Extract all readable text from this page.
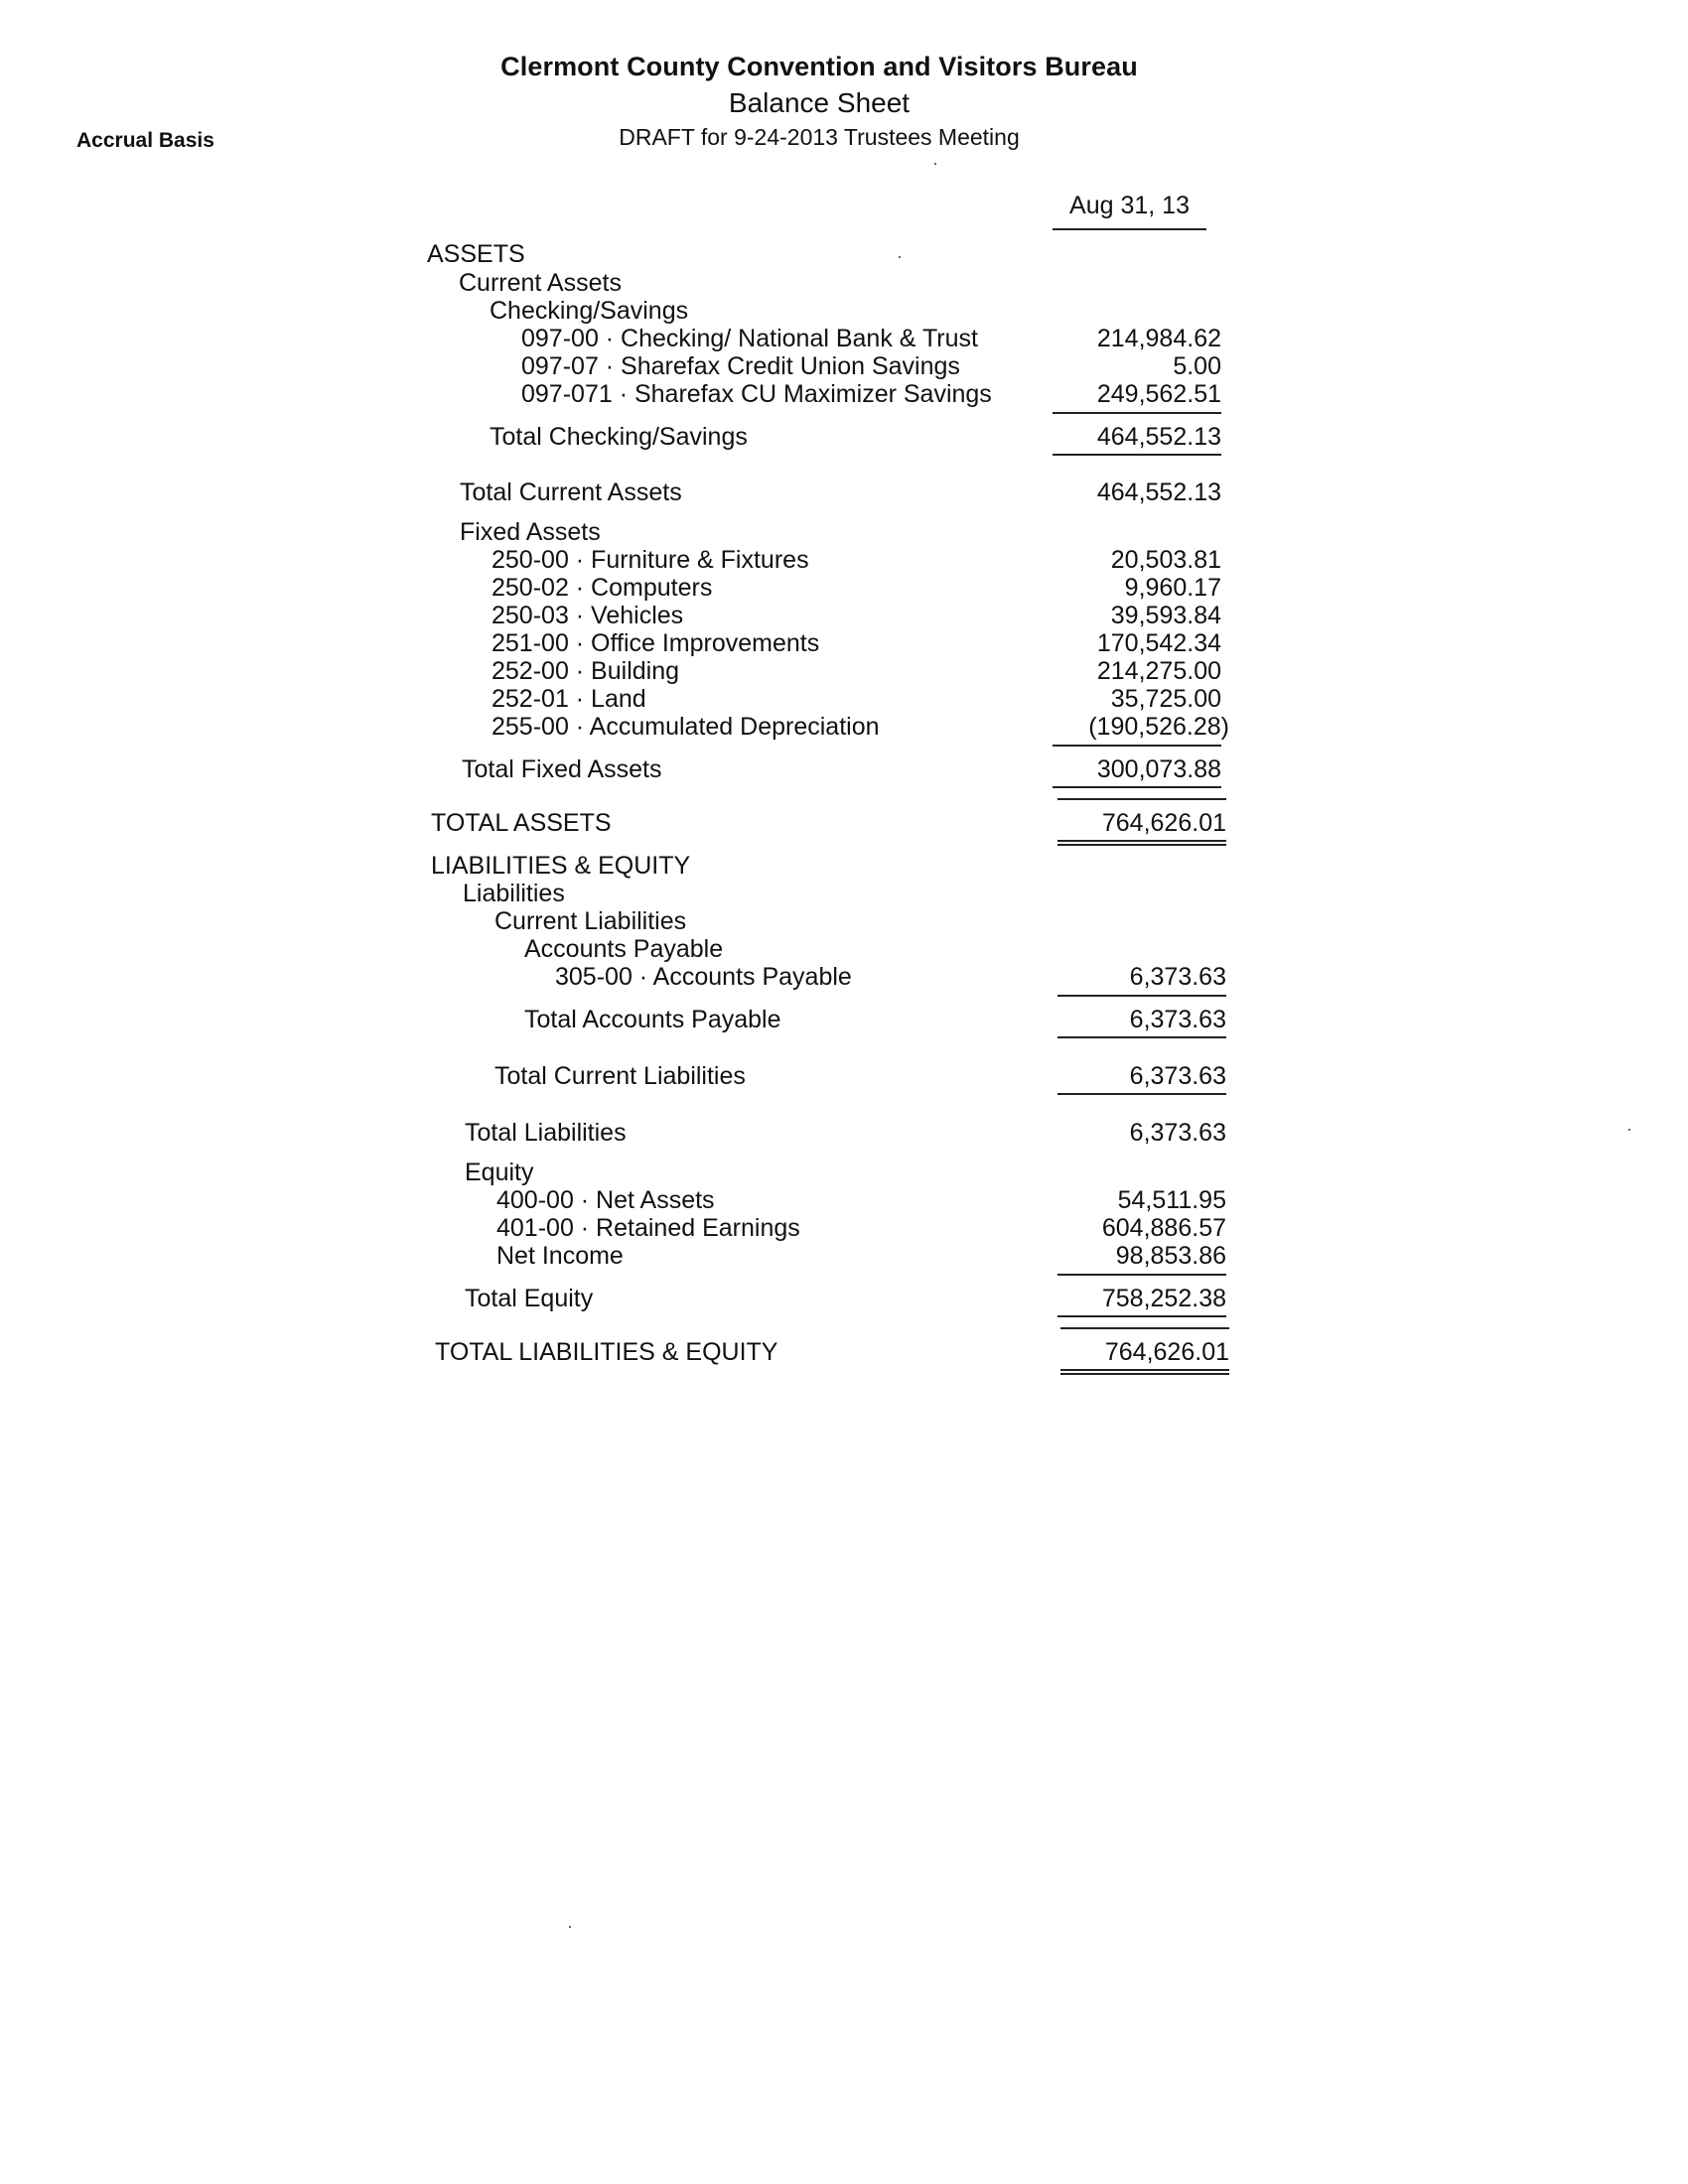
Clermont County Convention and Visitors Bureau
Balance Sheet
DRAFT for 9-24-2013 Trustees Meeting
Accrual Basis
Aug 31, 13
ASSETS
Current Assets
Checking/Savings
097-00 · Checking/ National Bank & Trust	214,984.62
097-07 · Sharefax Credit Union Savings	5.00
097-071 · Sharefax CU Maximizer Savings	249,562.51
Total Checking/Savings	464,552.13
Total Current Assets	464,552.13
Fixed Assets
250-00 · Furniture & Fixtures	20,503.81
250-02 · Computers	9,960.17
250-03 · Vehicles	39,593.84
251-00 · Office Improvements	170,542.34
252-00 · Building	214,275.00
252-01 · Land	35,725.00
255-00 · Accumulated Depreciation	(190,526.28)
Total Fixed Assets	300,073.88
TOTAL ASSETS	764,626.01
LIABILITIES & EQUITY
Liabilities
Current Liabilities
Accounts Payable
305-00 · Accounts Payable	6,373.63
Total Accounts Payable	6,373.63
Total Current Liabilities	6,373.63
Total Liabilities	6,373.63
Equity
400-00 · Net Assets	54,511.95
401-00 · Retained Earnings	604,886.57
Net Income	98,853.86
Total Equity	758,252.38
TOTAL LIABILITIES & EQUITY	764,626.01
